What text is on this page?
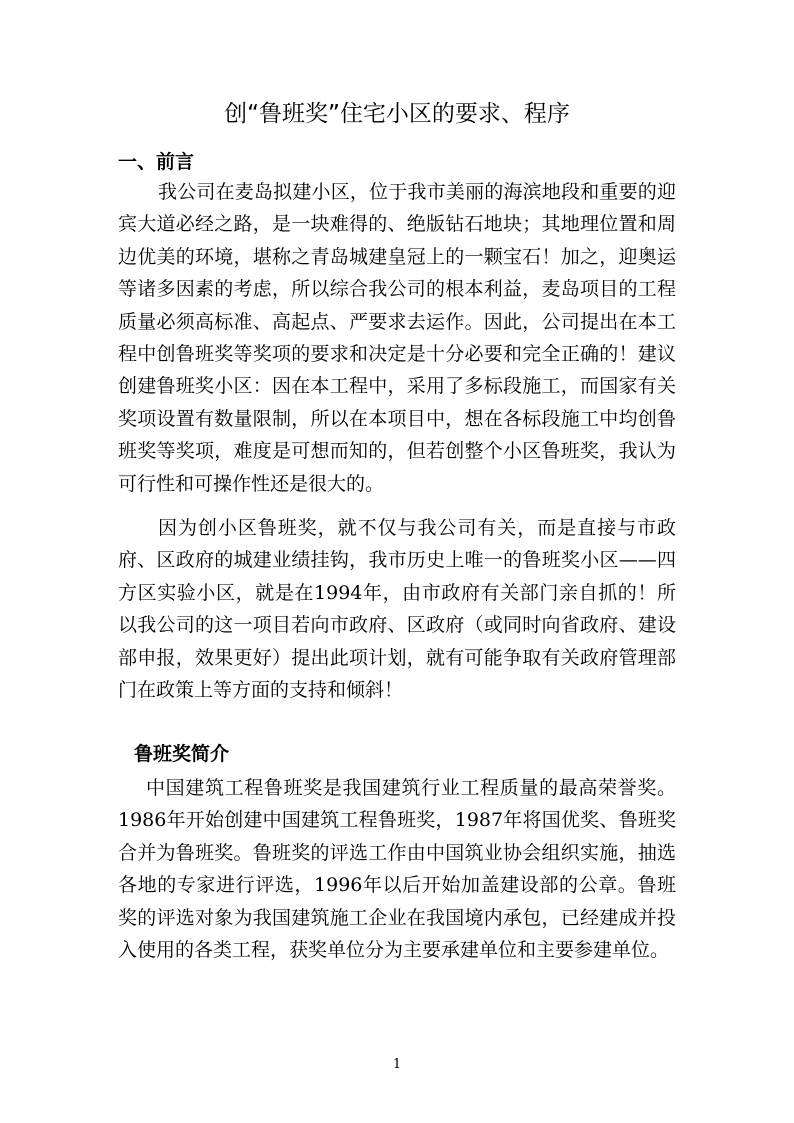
创“鲁班奖”住宅小区的要求、程序
一、前言

我公司在麦岛拟建小区，位于我市美丽的海滨地段和重要的迎宾大道必经之路，是一块难得的、绝版钻石地块；其地理位置和周边优美的环境，堪称之青岛城建皇冠上的一颗宝石！加之，迎奥运等诸多因素的考虑，所以综合我公司的根本利益，麦岛项目的工程质量必须高标准、高起点、严要求去运作。因此，公司提出在本工程中创鲁班奖等奖项的要求和决定是十分必要和完全正确的！建议创建鲁班奖小区：因在本工程中，采用了多标段施工，而国家有关奖项设置有数量限制，所以在本项目中，想在各标段施工中均创鲁班奖等奖项，难度是可想而知的，但若创整个小区鲁班奖，我认为可行性和可操作性还是很大的。

因为创小区鲁班奖，就不仅与我公司有关，而是直接与市政府、区政府的城建业绩挂钩，我市历史上唯一的鲁班奖小区——四方区实验小区，就是在1994年，由市政府有关部门亲自抓的！所以我公司的这一项目若向市政府、区政府（或同时向省政府、建设部申报，效果更好）提出此项计划，就有可能争取有关政府管理部门在政策上等方面的支持和倾斜！

鲁班奖简介

中国建筑工程鲁班奖是我国建筑行业工程质量的最高荣誉奖。1986年开始创建中国建筑工程鲁班奖，1987年将国优奖、鲁班奖合并为鲁班奖。鲁班奖的评选工作由中国筑业协会组织实施，抽选各地的专家进行评选，1996年以后开始加盖建设部的公章。鲁班奖的评选对象为我国建筑施工企业在我国境内承包，已经建成并投入使用的各类工程，获奖单位分为主要承建单位和主要参建单位。

1
